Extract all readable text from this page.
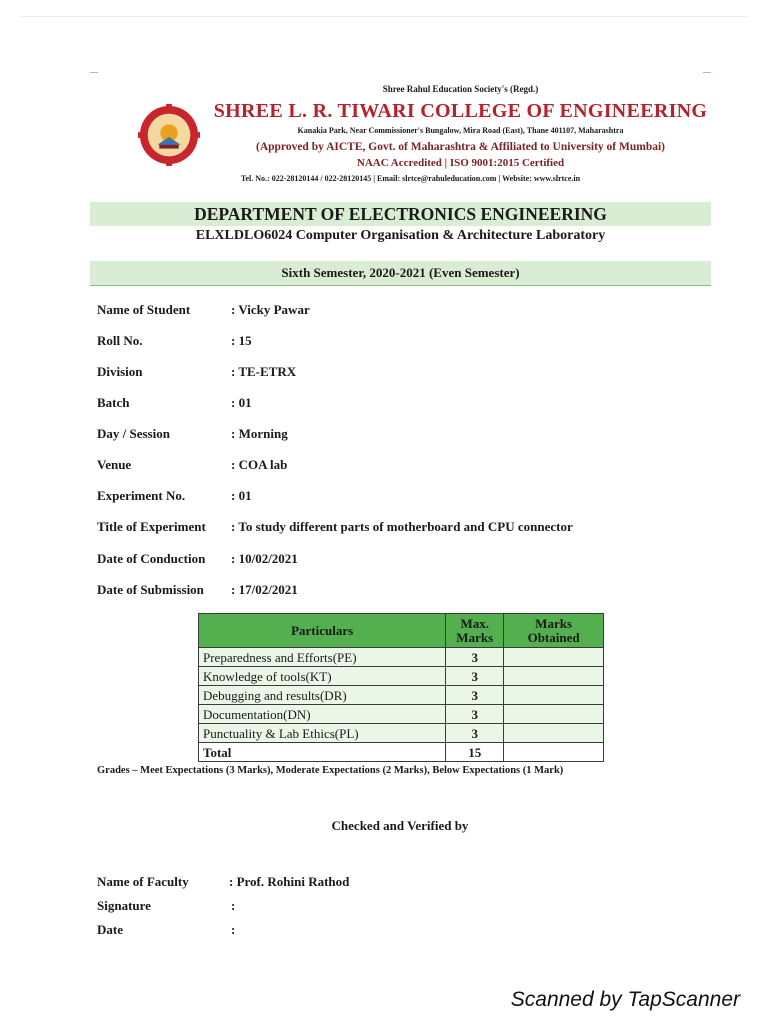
Shree Rahul Education Society's (Regd.)
SHREE L. R. TIWARI COLLEGE OF ENGINEERING
Kanakia Park, Near Commissioner's Bungalow, Mira Road (East), Thane 401107, Maharashtra
(Approved by AICTE, Govt. of Maharashtra & Affiliated to University of Mumbai)
NAAC Accredited | ISO 9001:2015 Certified
Tel. No.: 022-28120144 / 022-28120145 | Email: slrtce@rahuleducation.com | Website: www.slrtce.in
DEPARTMENT OF ELECTRONICS ENGINEERING
ELXLDLO6024 Computer Organisation & Architecture Laboratory
Sixth Semester, 2020-2021 (Even Semester)
Name of Student	: Vicky Pawar
Roll No.	: 15
Division	: TE-ETRX
Batch	: 01
Day / Session	: Morning
Venue	: COA lab
Experiment No.	: 01
Title of Experiment : To study different parts of motherboard and CPU connector
Date of Conduction : 10/02/2021
Date of Submission : 17/02/2021
Particulars	Max. Marks	Marks Obtained
Preparedness and Efforts(PE)	3	
Knowledge of tools(KT)	3	
Debugging and results(DR)	3	
Documentation(DN)	3	
Punctuality & Lab Ethics(PL)	3	
Total	15	
Grades – Meet Expectations (3 Marks), Moderate Expectations (2 Marks), Below Expectations (1 Mark)
Checked and Verified by
Name of Faculty	: Prof. Rohini Rathod
Signature	:
Date	:
Scanned by TapScanner
